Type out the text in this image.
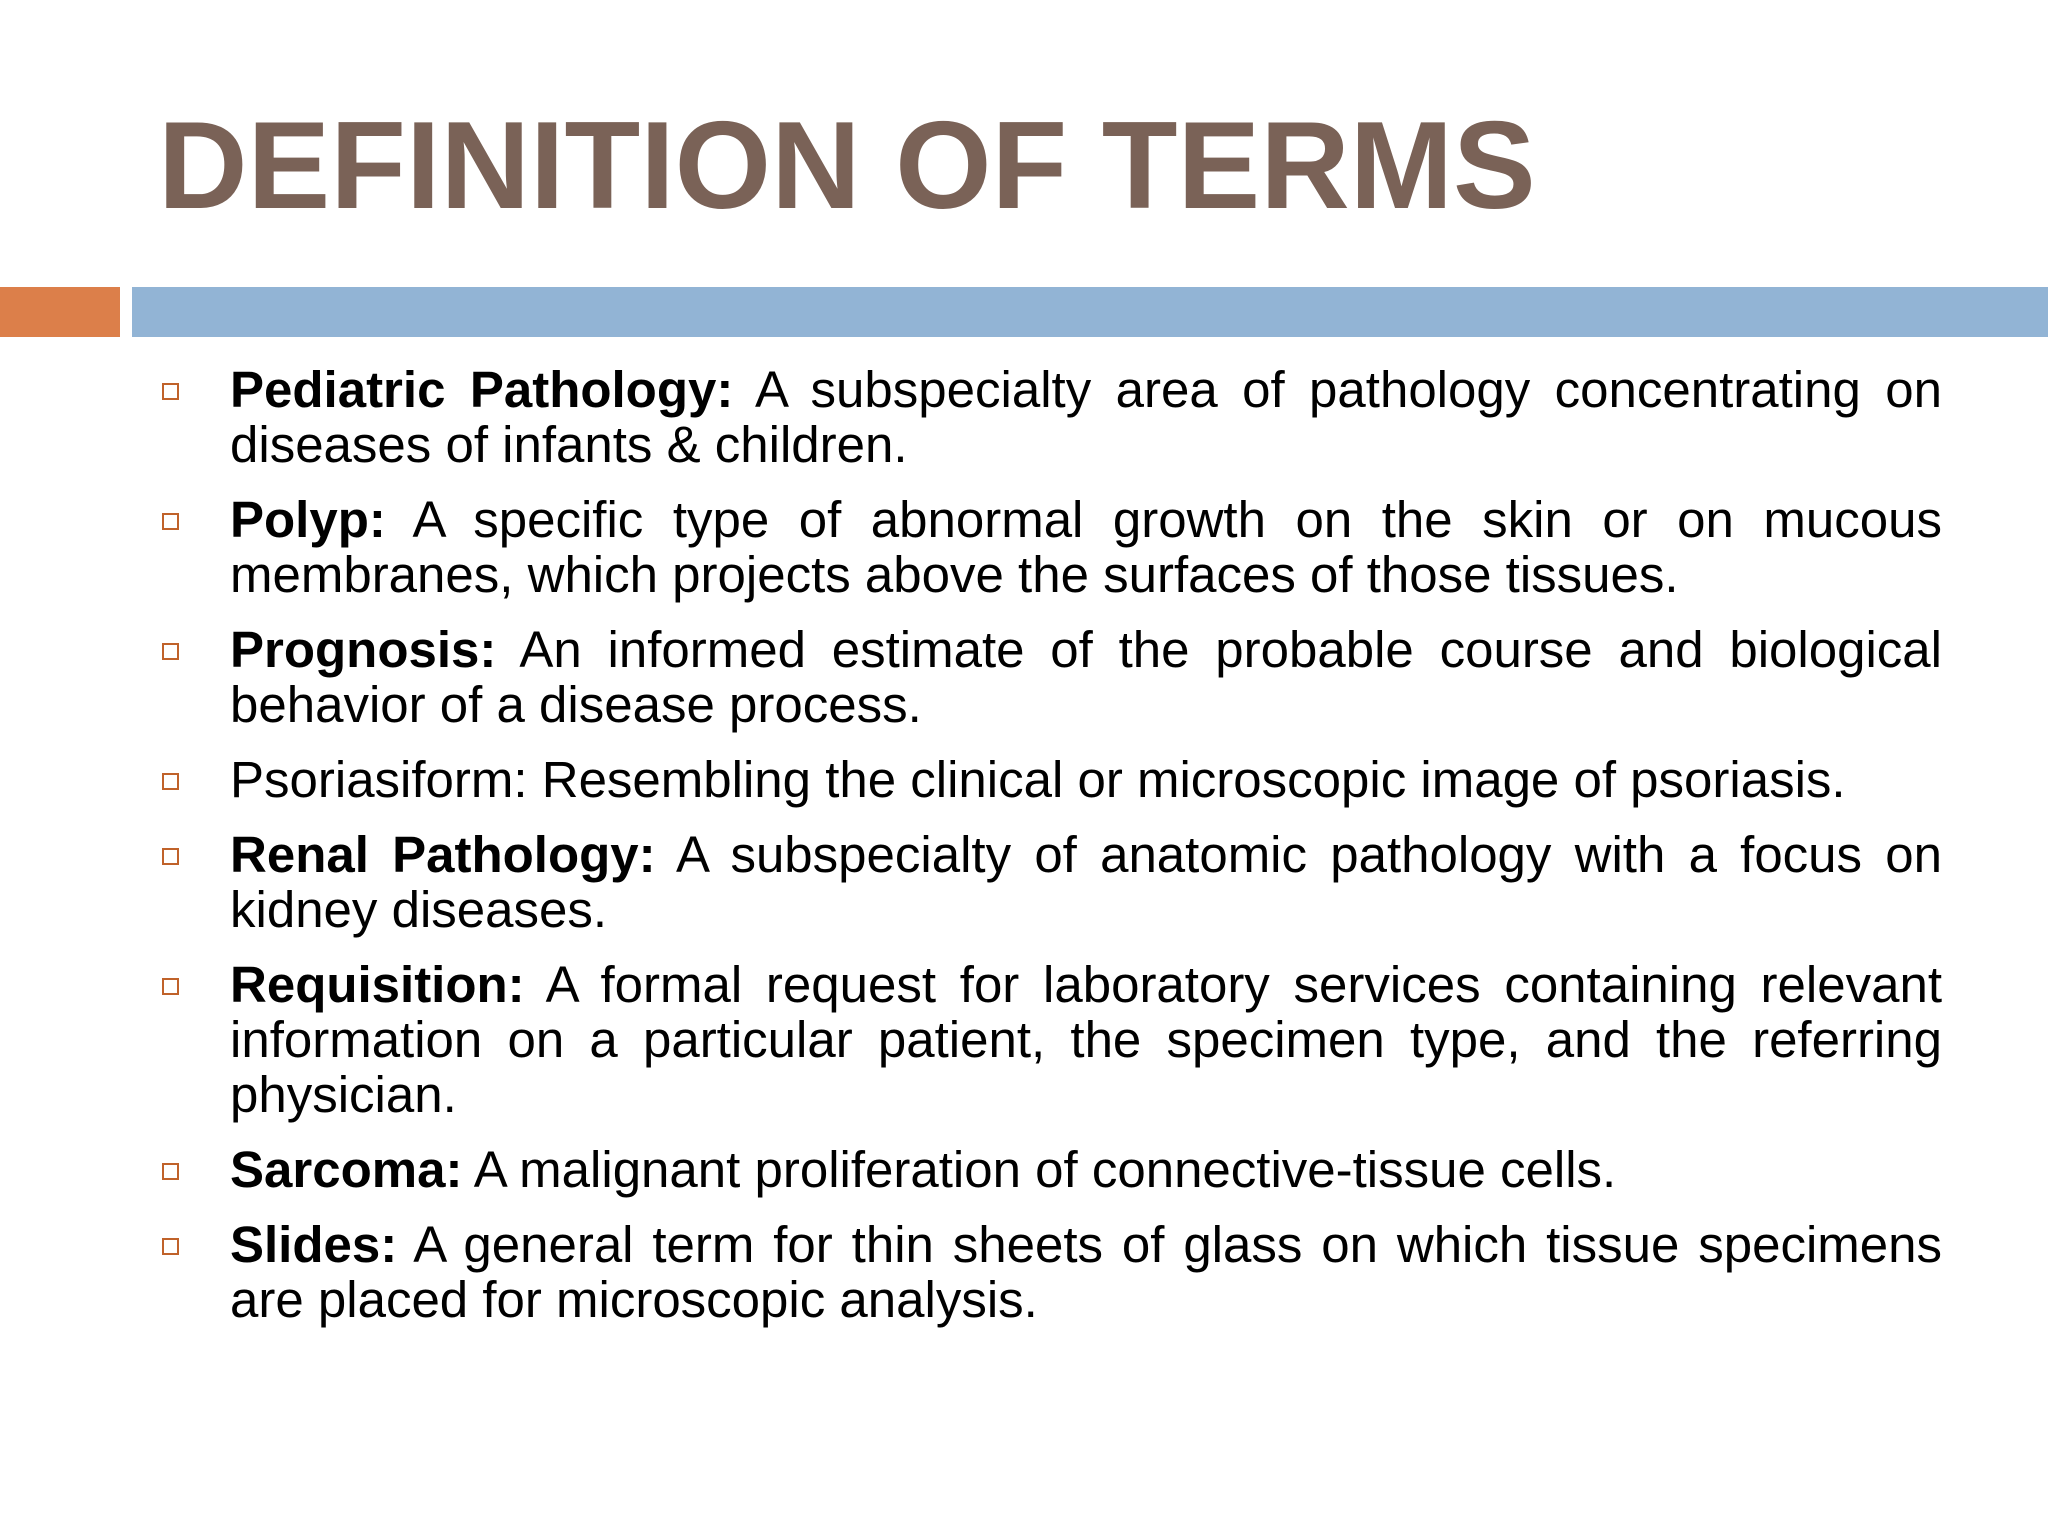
DEFINITION OF TERMS
Pediatric Pathology: A subspecialty area of pathology concentrating on diseases of infants & children.
Polyp: A specific type of abnormal growth on the skin or on mucous membranes, which projects above the surfaces of those tissues.
Prognosis: An informed estimate of the probable course and biological behavior of a disease process.
Psoriasiform: Resembling the clinical or microscopic image of psoriasis.
Renal Pathology: A subspecialty of anatomic pathology with a focus on kidney diseases.
Requisition: A formal request for laboratory services containing relevant information on a particular patient, the specimen type, and the referring physician.
Sarcoma: A malignant proliferation of connective-tissue cells.
Slides: A general term for thin sheets of glass on which tissue specimens are placed for microscopic analysis.
